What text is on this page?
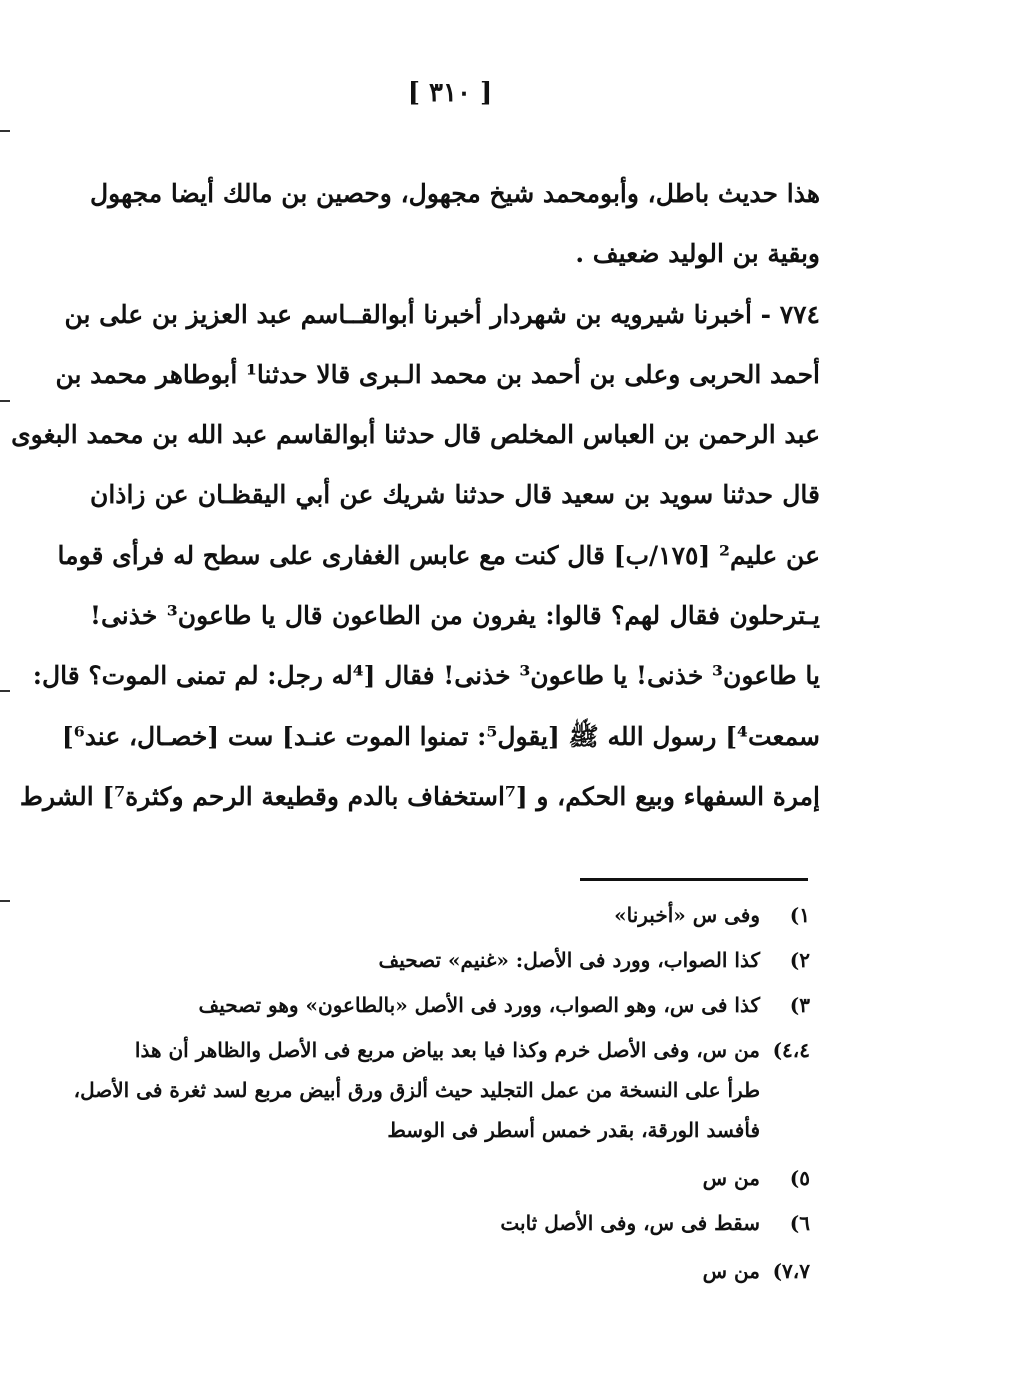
[ ٣١٠ ]
هذا حديث باطل، وأبومحمد شيخ مجهول، وحصين بن مالك أيضا مجهول
وبقية بن الوليد ضعيف .
٧٧٤ - أخبرنا شيرويه بن شهردار أخبرنا أبوالقــاسم عبد العزيز بن على بن
أحمد الحربى وعلى بن أحمد بن محمد الـبرى قالا حدثنا¹ أبوطاهر محمد بن
عبد الرحمن بن العباس المخلص قال حدثنا أبوالقاسم عبد الله بن محمد البغوى
قال حدثنا سويد بن سعيد قال حدثنا شريك عن أبي اليقظـان عن زاذان
عن عليم² [١٧٥/ب] قال كنت مع عابس الغفارى على سطح له فرأى قوما
يـترحلون فقال لهم؟ قالوا: يفرون من الطاعون قال يا طاعون³ خذنى!
يا طاعون³ خذنى! يا طاعون³ خذنى! فقال [⁴له رجل: لم تمنى الموت؟ قال:
سمعت⁴] رسول الله ﷺ [يقول⁵: تمنوا الموت عنـد] ست [خصـال، عند⁶]
إمرة السفهاء وبيع الحكم، و [⁷استخفاف بالدم وقطيعة الرحم وكثرة⁷] الشرط
١)
وفى س «أخبرنا»
٢)
كذا الصواب، وورد فى الأصل: «غنيم» تصحيف
٣)
كذا فى س، وهو الصواب، وورد فى الأصل «بالطاعون» وهو تصحيف
٤،٤)
من س، وفى الأصل خرم وكذا فيا بعد بياض مربع فى الأصل والظاهر أن هذا
طرأ على النسخة من عمل التجليد حيث ألزق ورق أبيض مربع لسد ثغرة فى الأصل،
فأفسد الورقة، بقدر خمس أسطر فى الوسط
٥)
من س
٦)
سقط فى س، وفى الأصل ثابت
٧،٧)
من س
